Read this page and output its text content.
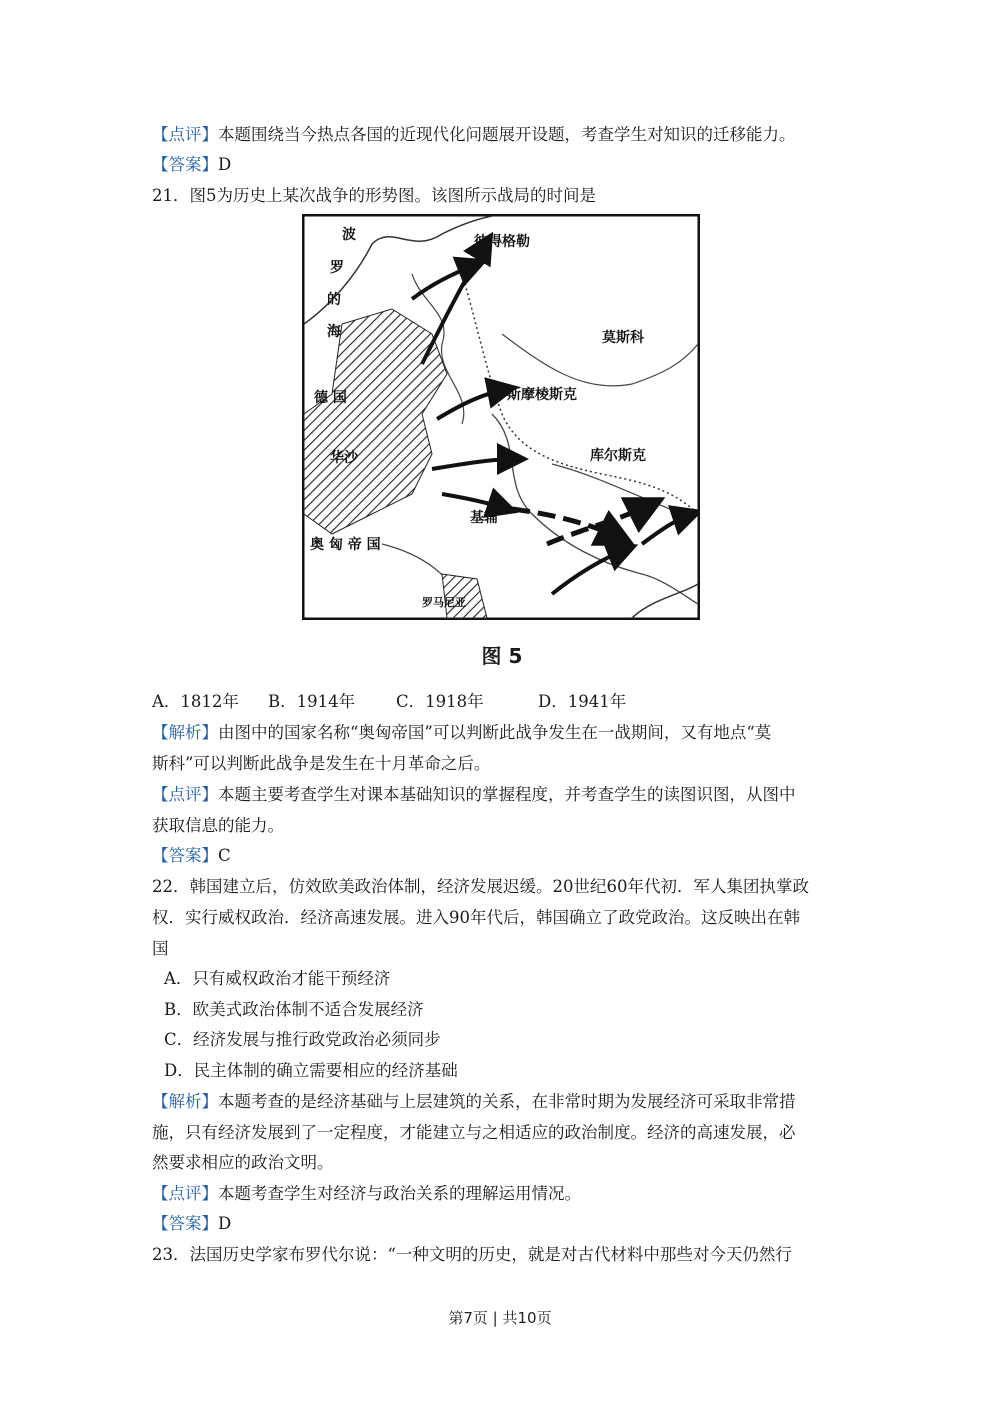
【点评】本题围绕当今热点各国的近现代化问题展开设题，考查学生对知识的迁移能力。
【答案】D
21．图5为历史上某次战争的形势图。该图所示战局的时间是
波
罗
的
海
彼得格勒
莫斯科
德 国	斯摩棱斯克
华沙	库尔斯克
基辅
奥 匈 帝 国
罗马尼亚
图 5
A．1812年 B．1914年 C．1918年	D．1941年
【解析】由图中的国家名称“奥匈帝国”可以判断此战争发生在一战期间，又有地点“莫
斯科”可以判断此战争是发生在十月革命之后。
【点评】本题主要考查学生对课本基础知识的掌握程度，并考查学生的读图识图，从图中
获取信息的能力。
【答案】C
22．韩国建立后，仿效欧美政治体制，经济发展迟缓。20世纪60年代初．军人集团执掌政
权．实行威权政治．经济高速发展。进入90年代后，韩国确立了政党政治。这反映出在韩
国
A．只有威权政治才能干预经济
B．欧美式政治体制不适合发展经济
C．经济发展与推行政党政治必须同步
D．民主体制的确立需要相应的经济基础
【解析】本题考查的是经济基础与上层建筑的关系，在非常时期为发展经济可采取非常措
施，只有经济发展到了一定程度，才能建立与之相适应的政治制度。经济的高速发展，必
然要求相应的政治文明。
【点评】本题考查学生对经济与政治关系的理解运用情况。
【答案】D
23．法国历史学家布罗代尔说：“一种文明的历史，就是对古代材料中那些对今天仍然行
第7页 | 共10页
